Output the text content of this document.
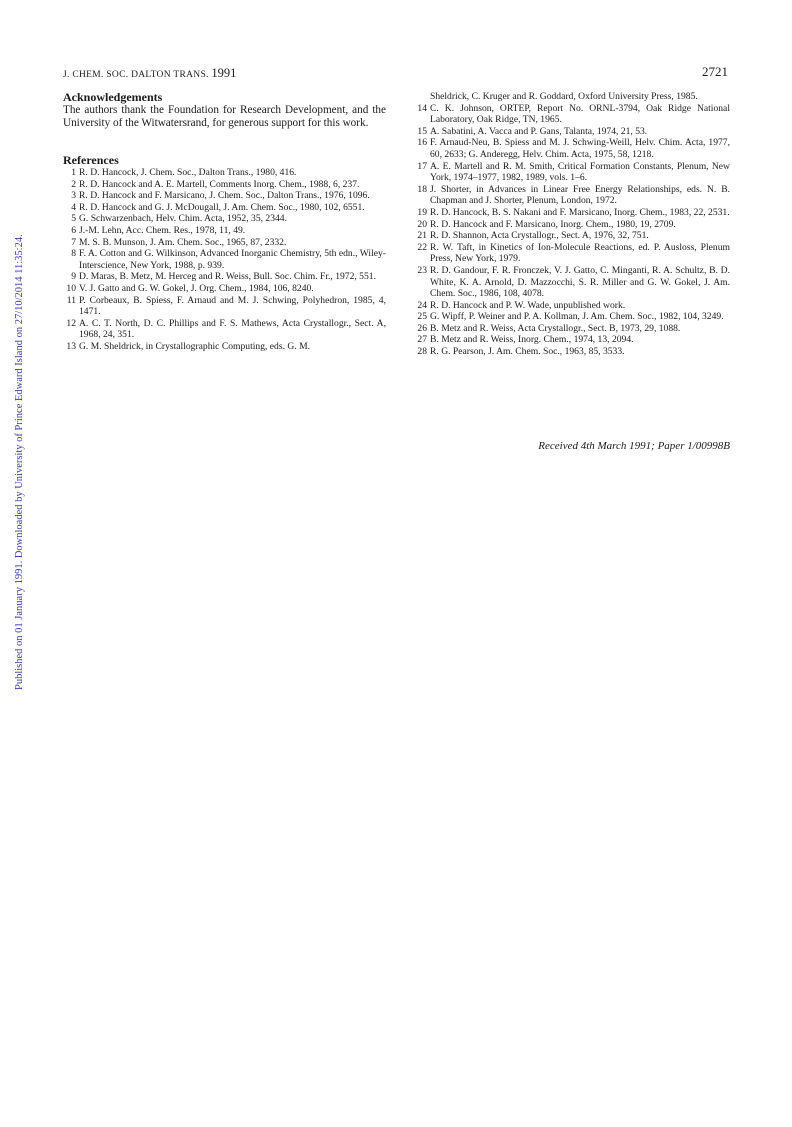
J. CHEM. SOC. DALTON TRANS. 1991	2721
Published on 01 January 1991. Downloaded by University of Prince Edward Island on 27/10/2014 11:35:24.
Acknowledgements

The authors thank the Foundation for Research Development, and the University of the Witwatersrand, for generous support for this work.

References
1 R. D. Hancock, J. Chem. Soc., Dalton Trans., 1980, 416.
2 R. D. Hancock and A. E. Martell, Comments Inorg. Chem., 1988, 6, 237.
3 R. D. Hancock and F. Marsicano, J. Chem. Soc., Dalton Trans., 1976, 1096.
4 R. D. Hancock and G. J. McDougall, J. Am. Chem. Soc., 1980, 102, 6551.
5 G. Schwarzenbach, Helv. Chim. Acta, 1952, 35, 2344.
6 J.-M. Lehn, Acc. Chem. Res., 1978, 11, 49.
7 M. S. B. Munson, J. Am. Chem. Soc., 1965, 87, 2332.
8 F. A. Cotton and G. Wilkinson, Advanced Inorganic Chemistry, 5th edn., Wiley-Interscience, New York, 1988, p. 939.
9 D. Maras, B. Metz, M. Herceg and R. Weiss, Bull. Soc. Chim. Fr., 1972, 551.
10 V. J. Gatto and G. W. Gokel, J. Org. Chem., 1984, 106, 8240.
11 P. Corbeaux, B. Spiess, F. Arnaud and M. J. Schwing, Polyhedron, 1985, 4, 1471.
12 A. C. T. North, D. C. Phillips and F. S. Mathews, Acta Crystallogr., Sect. A, 1968, 24, 351.
13 G. M. Sheldrick, in Crystallographic Computing, eds. G. M.

Sheldrick, C. Kruger and R. Goddard, Oxford University Press, 1985.

14 C. K. Johnson, ORTEP, Report No. ORNL-3794, Oak Ridge National Laboratory, Oak Ridge, TN, 1965.
15 A. Sabatini, A. Vacca and P. Gans, Talanta, 1974, 21, 53.
16 F. Arnaud-Neu, B. Spiess and M. J. Schwing-Weill, Helv. Chim. Acta, 1977, 60, 2633; G. Anderegg, Helv. Chim. Acta, 1975, 58, 1218.
17 A. E. Martell and R. M. Smith, Critical Formation Constants, Plenum, New York, 1974–1977, 1982, 1989, vols. 1–6.
18 J. Shorter, in Advances in Linear Free Energy Relationships, eds. N. B. Chapman and J. Shorter, Plenum, London, 1972.
19 R. D. Hancock, B. S. Nakani and F. Marsicano, Inorg. Chem., 1983, 22, 2531.
20 R. D. Hancock and F. Marsicano, Inorg. Chem., 1980, 19, 2709.
21 R. D. Shannon, Acta Crystallogr., Sect. A, 1976, 32, 751.
22 R. W. Taft, in Kinetics of Ion-Molecule Reactions, ed. P. Ausloss, Plenum Press, New York, 1979.
23 R. D. Gandour, F. R. Fronczek, V. J. Gatto, C. Minganti, R. A. Schultz, B. D. White, K. A. Arnold, D. Mazzocchi, S. R. Miller and G. W. Gokel, J. Am. Chem. Soc., 1986, 108, 4078.
24 R. D. Hancock and P. W. Wade, unpublished work.
25 G. Wipff, P. Weiner and P. A. Kollman, J. Am. Chem. Soc., 1982, 104, 3249.
26 B. Metz and R. Weiss, Acta Crystallogr., Sect. B, 1973, 29, 1088.
27 B. Metz and R. Weiss, Inorg. Chem., 1974, 13, 2094.
28 R. G. Pearson, J. Am. Chem. Soc., 1963, 85, 3533.
Received 4th March 1991; Paper 1/00998B
